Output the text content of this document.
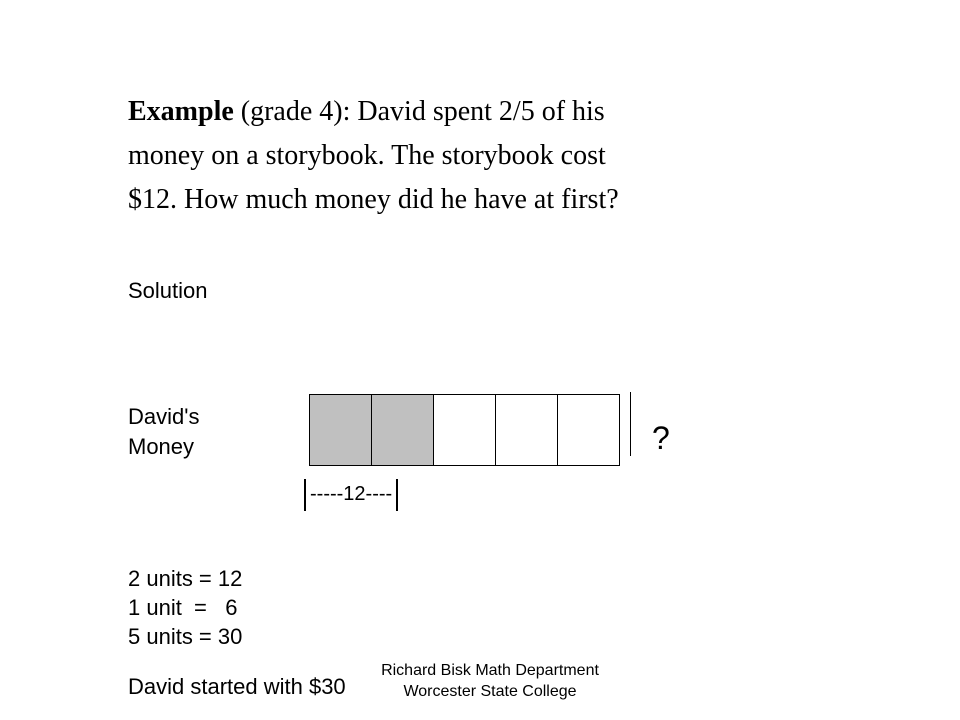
Example (grade 4): David spent 2/5 of his
money on a storybook. The storybook cost
$12. How much money did he have at first?
Solution
David's
Money	?
-----12----
2 units = 12
1 unit  =   6
5 units = 30
David started with $30
Richard Bisk Math Department
Worcester State College
